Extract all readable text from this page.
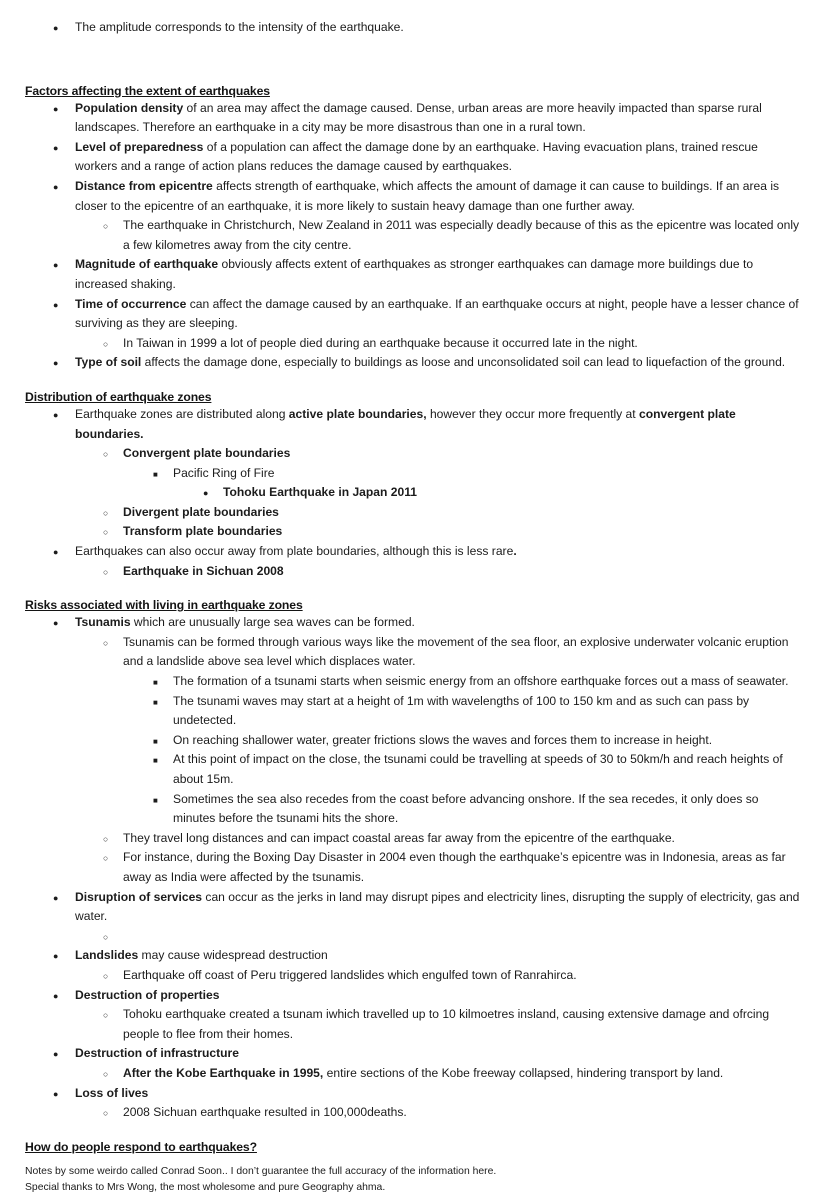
● The amplitude corresponds to the intensity of the earthquake.
Factors affecting the extent of earthquakes
● Population density of an area may affect the damage caused. Dense, urban areas are more heavily impacted than sparse rural landscapes. Therefore an earthquake in a city may be more disastrous than one in a rural town.
● Level of preparedness of a population can affect the damage done by an earthquake. Having evacuation plans, trained rescue workers and a range of action plans reduces the damage caused by earthquakes.
● Distance from epicentre affects strength of earthquake, which affects the amount of damage it can cause to buildings. If an area is closer to the epicentre of an earthquake, it is more likely to sustain heavy damage than one further away.
○ The earthquake in Christchurch, New Zealand in 2011 was especially deadly because of this as the epicentre was located only a few kilometres away from the city centre.
● Magnitude of earthquake obviously affects extent of earthquakes as stronger earthquakes can damage more buildings due to increased shaking.
● Time of occurrence can affect the damage caused by an earthquake. If an earthquake occurs at night, people have a lesser chance of surviving as they are sleeping.
○ In Taiwan in 1999 a lot of people died during an earthquake because it occurred late in the night.
● Type of soil affects the damage done, especially to buildings as loose and unconsolidated soil can lead to liquefaction of the ground.
Distribution of earthquake zones
● Earthquake zones are distributed along active plate boundaries, however they occur more frequently at convergent plate boundaries.
○ Convergent plate boundaries
■ Pacific Ring of Fire
● Tohoku Earthquake in Japan 2011
○ Divergent plate boundaries
○ Transform plate boundaries
● Earthquakes can also occur away from plate boundaries, although this is less rare.
○ Earthquake in Sichuan 2008
Risks associated with living in earthquake zones
● Tsunamis which are unusually large sea waves can be formed.
○ Tsunamis can be formed through various ways like the movement of the sea floor, an explosive underwater volcanic eruption and a landslide above sea level which displaces water.
■ The formation of a tsunami starts when seismic energy from an offshore earthquake forces out a mass of seawater.
■ The tsunami waves may start at a height of 1m with wavelengths of 100 to 150 km and as such can pass by undetected.
■ On reaching shallower water, greater frictions slows the waves and forces them to increase in height.
■ At this point of impact on the close, the tsunami could be travelling at speeds of 30 to 50km/h and reach heights of about 15m.
■ Sometimes the sea also recedes from the coast before advancing onshore. If the sea recedes, it only does so minutes before the tsunami hits the shore.
○ They travel long distances and can impact coastal areas far away from the epicentre of the earthquake.
○ For instance, during the Boxing Day Disaster in 2004 even though the earthquake’s epicentre was in Indonesia, areas as far away as India were affected by the tsunamis.
● Disruption of services can occur as the jerks in land may disrupt pipes and electricity lines, disrupting the supply of electricity, gas and water.
○

● Landslides may cause widespread destruction
○ Earthquake off coast of Peru triggered landslides which engulfed town of Ranrahirca.
● Destruction of properties
○ Tohoku earthquake created a tsunam iwhich travelled up to 10 kilmoetres insland, causing extensive damage and ofrcing people to flee from their homes.
● Destruction of infrastructure
○ After the Kobe Earthquake in 1995, entire sections of the Kobe freeway collapsed, hindering transport by land.
● Loss of lives
○ 2008 Sichuan earthquake resulted in 100,000deaths.
How do people respond to earthquakes?
Notes by some weirdo called Conrad Soon.. I don’t guarantee the full accuracy of the information here.
Special thanks to Mrs Wong, the most wholesome and pure Geography ahma.
